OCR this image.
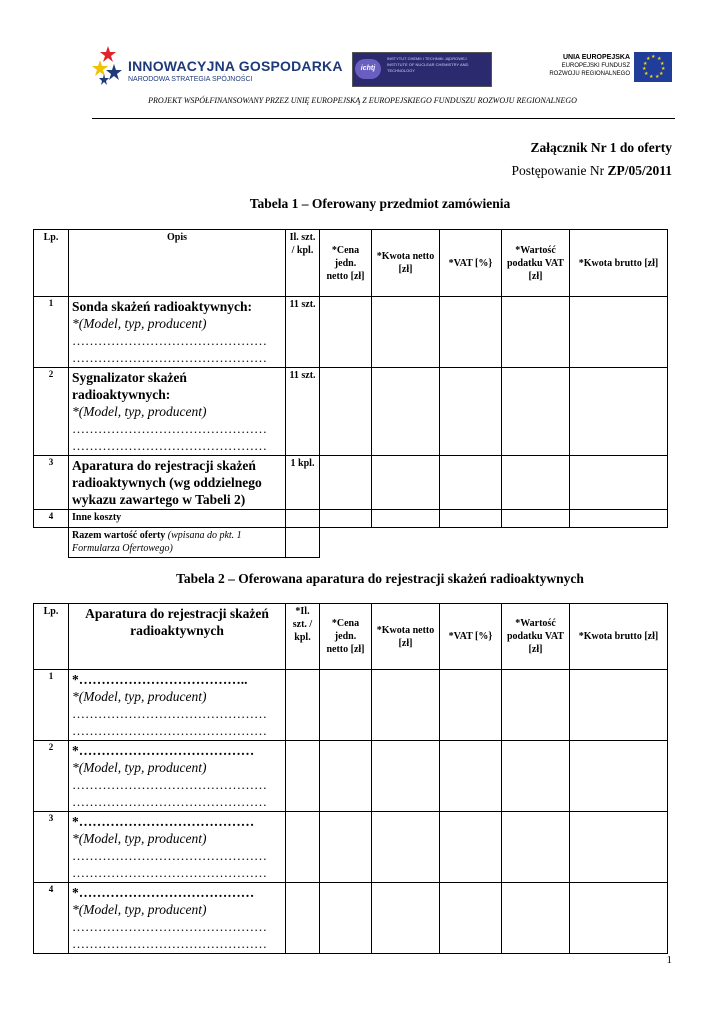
INNOWACYJNA GOSPODARKA
NARODOWA STRATEGIA SPÓJNOŚCI
ichtj
INSTYTUT CHEMII I TECHNIKI JĄDROWEJ INSTITUTE OF NUCLEAR CHEMISTRY AND TECHNOLOGY
UNIA EUROPEJSKA
EUROPEJSKI FUNDUSZ
ROZWOJU REGIONALNEGO
★ ★
★
★
★
★
★
★
★
★
★
PROJEKT WSPÓŁFINANSOWANY PRZEZ UNIĘ EUROPEJSKĄ Z EUROPEJSKIEGO FUNDUSZU ROZWOJU REGIONALNEGO
Załącznik Nr 1 do oferty
Postępowanie Nr ZP/05/2011
Tabela 1 – Oferowany przedmiot zamówienia
Lp.	Opis	Il. szt. / kpl.	*Cena jedn. netto [zł]	*Kwota netto [zł]	*VAT [%}	*Wartość podatku VAT [zł]	*Kwota brutto [zł]
1	Sonda skażeń radioaktywnych:
*(Model, typ, producent)
………………………………………
………………………………………	11 szt.					
2	Sygnalizator skażeń radioaktywnych:
*(Model, typ, producent)
………………………………………
………………………………………	11 szt.					
3	Aparatura do rejestracji skażeń radioaktywnych (wg oddzielnego wykazu zawartego w Tabeli 2)	1 kpl.					
4	Inne koszty						
	Razem wartość oferty (wpisana do pkt. 1 Formularza Ofertowego)						
Tabela 2 – Oferowana aparatura do rejestracji skażeń radioaktywnych
Lp.	Aparatura do rejestracji skażeń radioaktywnych	*Il. szt. / kpl.	*Cena jedn. netto [zł]	*Kwota netto [zł]	*VAT [%}	*Wartość podatku VAT [zł]	*Kwota brutto [zł]
1	*………………………………..
*(Model, typ, producent)
………………………………………
………………………………………						

2	*…………………………………
*(Model, typ, producent)
………………………………………
………………………………………						

3	*…………………………………
*(Model, typ, producent)
………………………………………
………………………………………						

4	*…………………………………
*(Model, typ, producent)
………………………………………
………………………………………						

1
